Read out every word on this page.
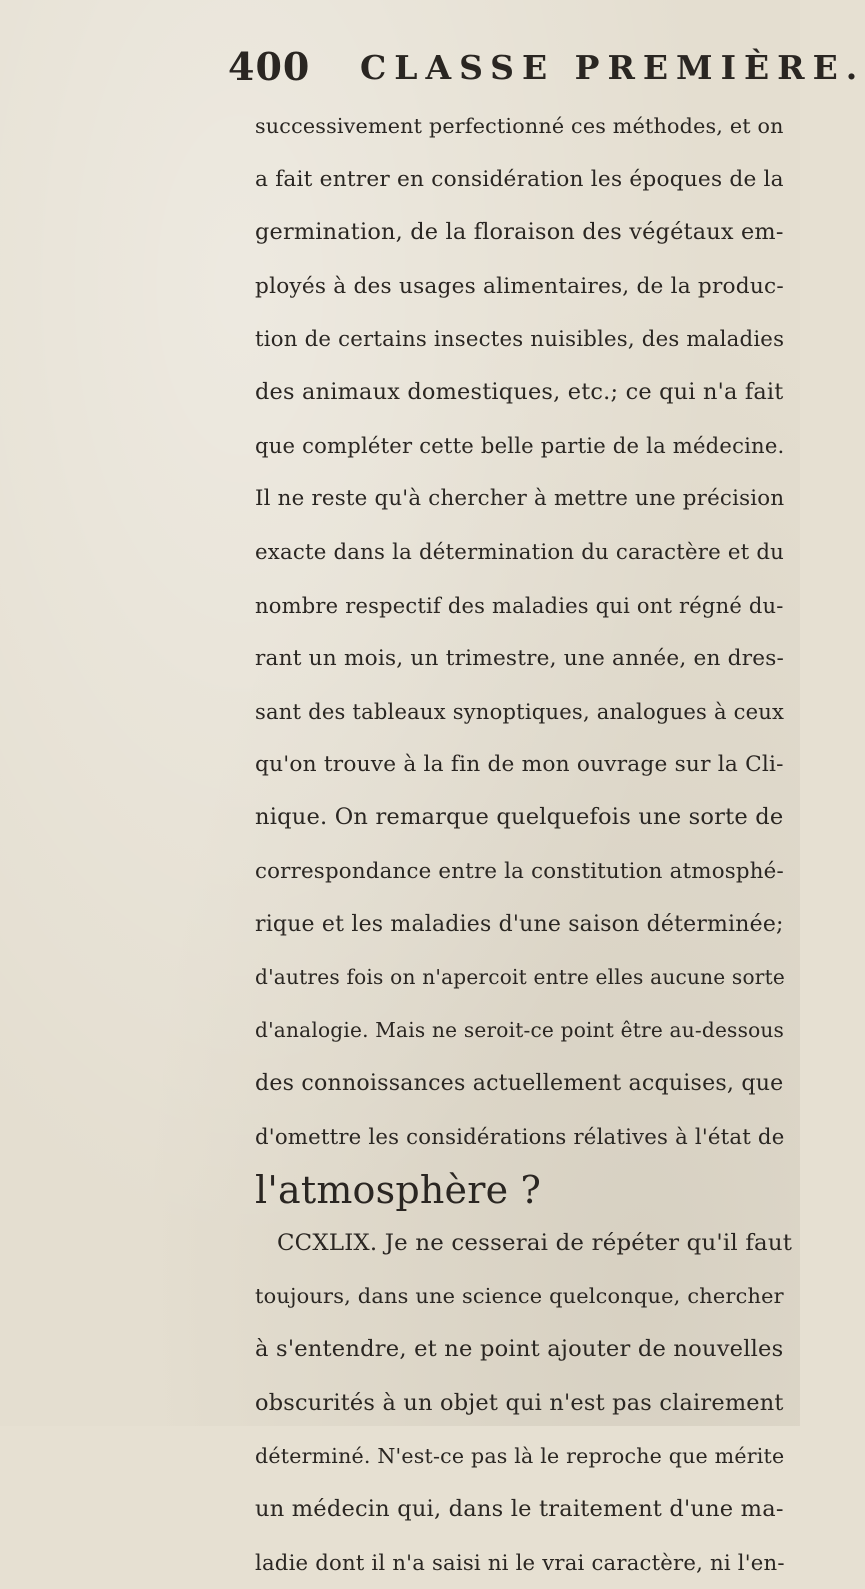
400 CLASSE PREMIÈRE.
successivement perfectionné ces méthodes, et on
a fait entrer en considération les époques de la
germination, de la floraison des végétaux em-
ployés à des usages alimentaires, de la produc-
tion de certains insectes nuisibles, des maladies
des animaux domestiques, etc.; ce qui n'a fait
que compléter cette belle partie de la médecine.
Il ne reste qu'à chercher à mettre une précision
exacte dans la détermination du caractère et du
nombre respectif des maladies qui ont régné du-
rant un mois, un trimestre, une année, en dres-
sant des tableaux synoptiques, analogues à ceux
qu'on trouve à la fin de mon ouvrage sur la Cli-
nique. On remarque quelquefois une sorte de
correspondance entre la constitution atmosphé-
rique et les maladies d'une saison déterminée;
d'autres fois on n'apercoit entre elles aucune sorte
d'analogie. Mais ne seroit-ce point être au-dessous
des connoissances actuellement acquises, que
d'omettre les considérations rélatives à l'état de
l'atmosphère ?
CCXLIX. Je ne cesserai de répéter qu'il faut
toujours, dans une science quelconque, chercher
à s'entendre, et ne point ajouter de nouvelles
obscurités à un objet qui n'est pas clairement
déterminé. N'est-ce pas là le reproche que mérite
un médecin qui, dans le traitement d'une ma-
ladie dont il n'a saisi ni le vrai caractère, ni l'en-
